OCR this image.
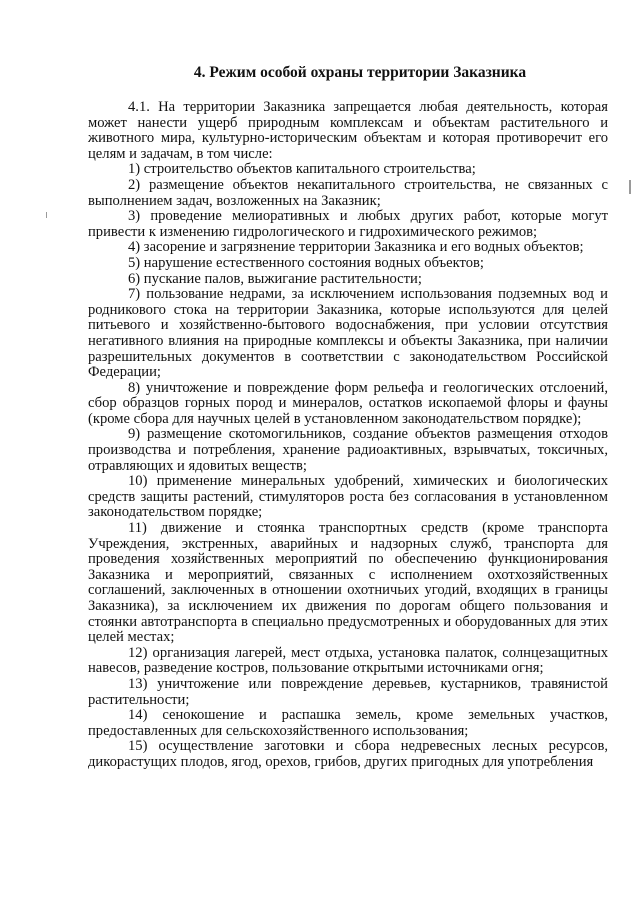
4. Режим особой охраны территории Заказника

4.1. На территории Заказника запрещается любая деятельность, которая может нанести ущерб природным комплексам и объектам растительного и животного мира, культурно-историческим объектам и которая противоречит его целям и задачам, в том числе:

1) строительство объектов капитального строительства;

2) размещение объектов некапитального строительства, не связанных с выполнением задач, возложенных на Заказник;

3) проведение мелиоративных и любых других работ, которые могут привести к изменению гидрологического и гидрохимического режимов;

4) засорение и загрязнение территории Заказника и его водных объектов;

5) нарушение естественного состояния водных объектов;

6) пускание палов, выжигание растительности;

7) пользование недрами, за исключением использования подземных вод и родникового стока на территории Заказника, которые используются для целей питьевого и хозяйственно-бытового водоснабжения, при условии отсутствия негативного влияния на природные комплексы и объекты Заказника, при наличии разрешительных документов в соответствии с законодательством Российской Федерации;

8) уничтожение и повреждение форм рельефа и геологических отслоений, сбор образцов горных пород и минералов, остатков ископаемой флоры и фауны (кроме сбора для научных целей в установленном законодательством порядке);

9) размещение скотомогильников, создание объектов размещения отходов производства и потребления, хранение радиоактивных, взрывчатых, токсичных, отравляющих и ядовитых веществ;

10) применение минеральных удобрений, химических и биологических средств защиты растений, стимуляторов роста без согласования в установленном законодательством порядке;

11) движение и стоянка транспортных средств (кроме транспорта Учреждения, экстренных, аварийных и надзорных служб, транспорта для проведения хозяйственных мероприятий по обеспечению функционирования Заказника и мероприятий, связанных с исполнением охотхозяйственных соглашений, заключенных в отношении охотничьих угодий, входящих в границы Заказника), за исключением их движения по дорогам общего пользования и стоянки автотранспорта в специально предусмотренных и оборудованных для этих целей местах;

12) организация лагерей, мест отдыха, установка палаток, солнцезащитных навесов, разведение костров, пользование открытыми источниками огня;

13) уничтожение или повреждение деревьев, кустарников, травянистой растительности;

14) сенокошение и распашка земель, кроме земельных участков, предоставленных для сельскохозяйственного использования;

15) осуществление заготовки и сбора недревесных лесных ресурсов, дикорастущих плодов, ягод, орехов, грибов, других пригодных для употребления
